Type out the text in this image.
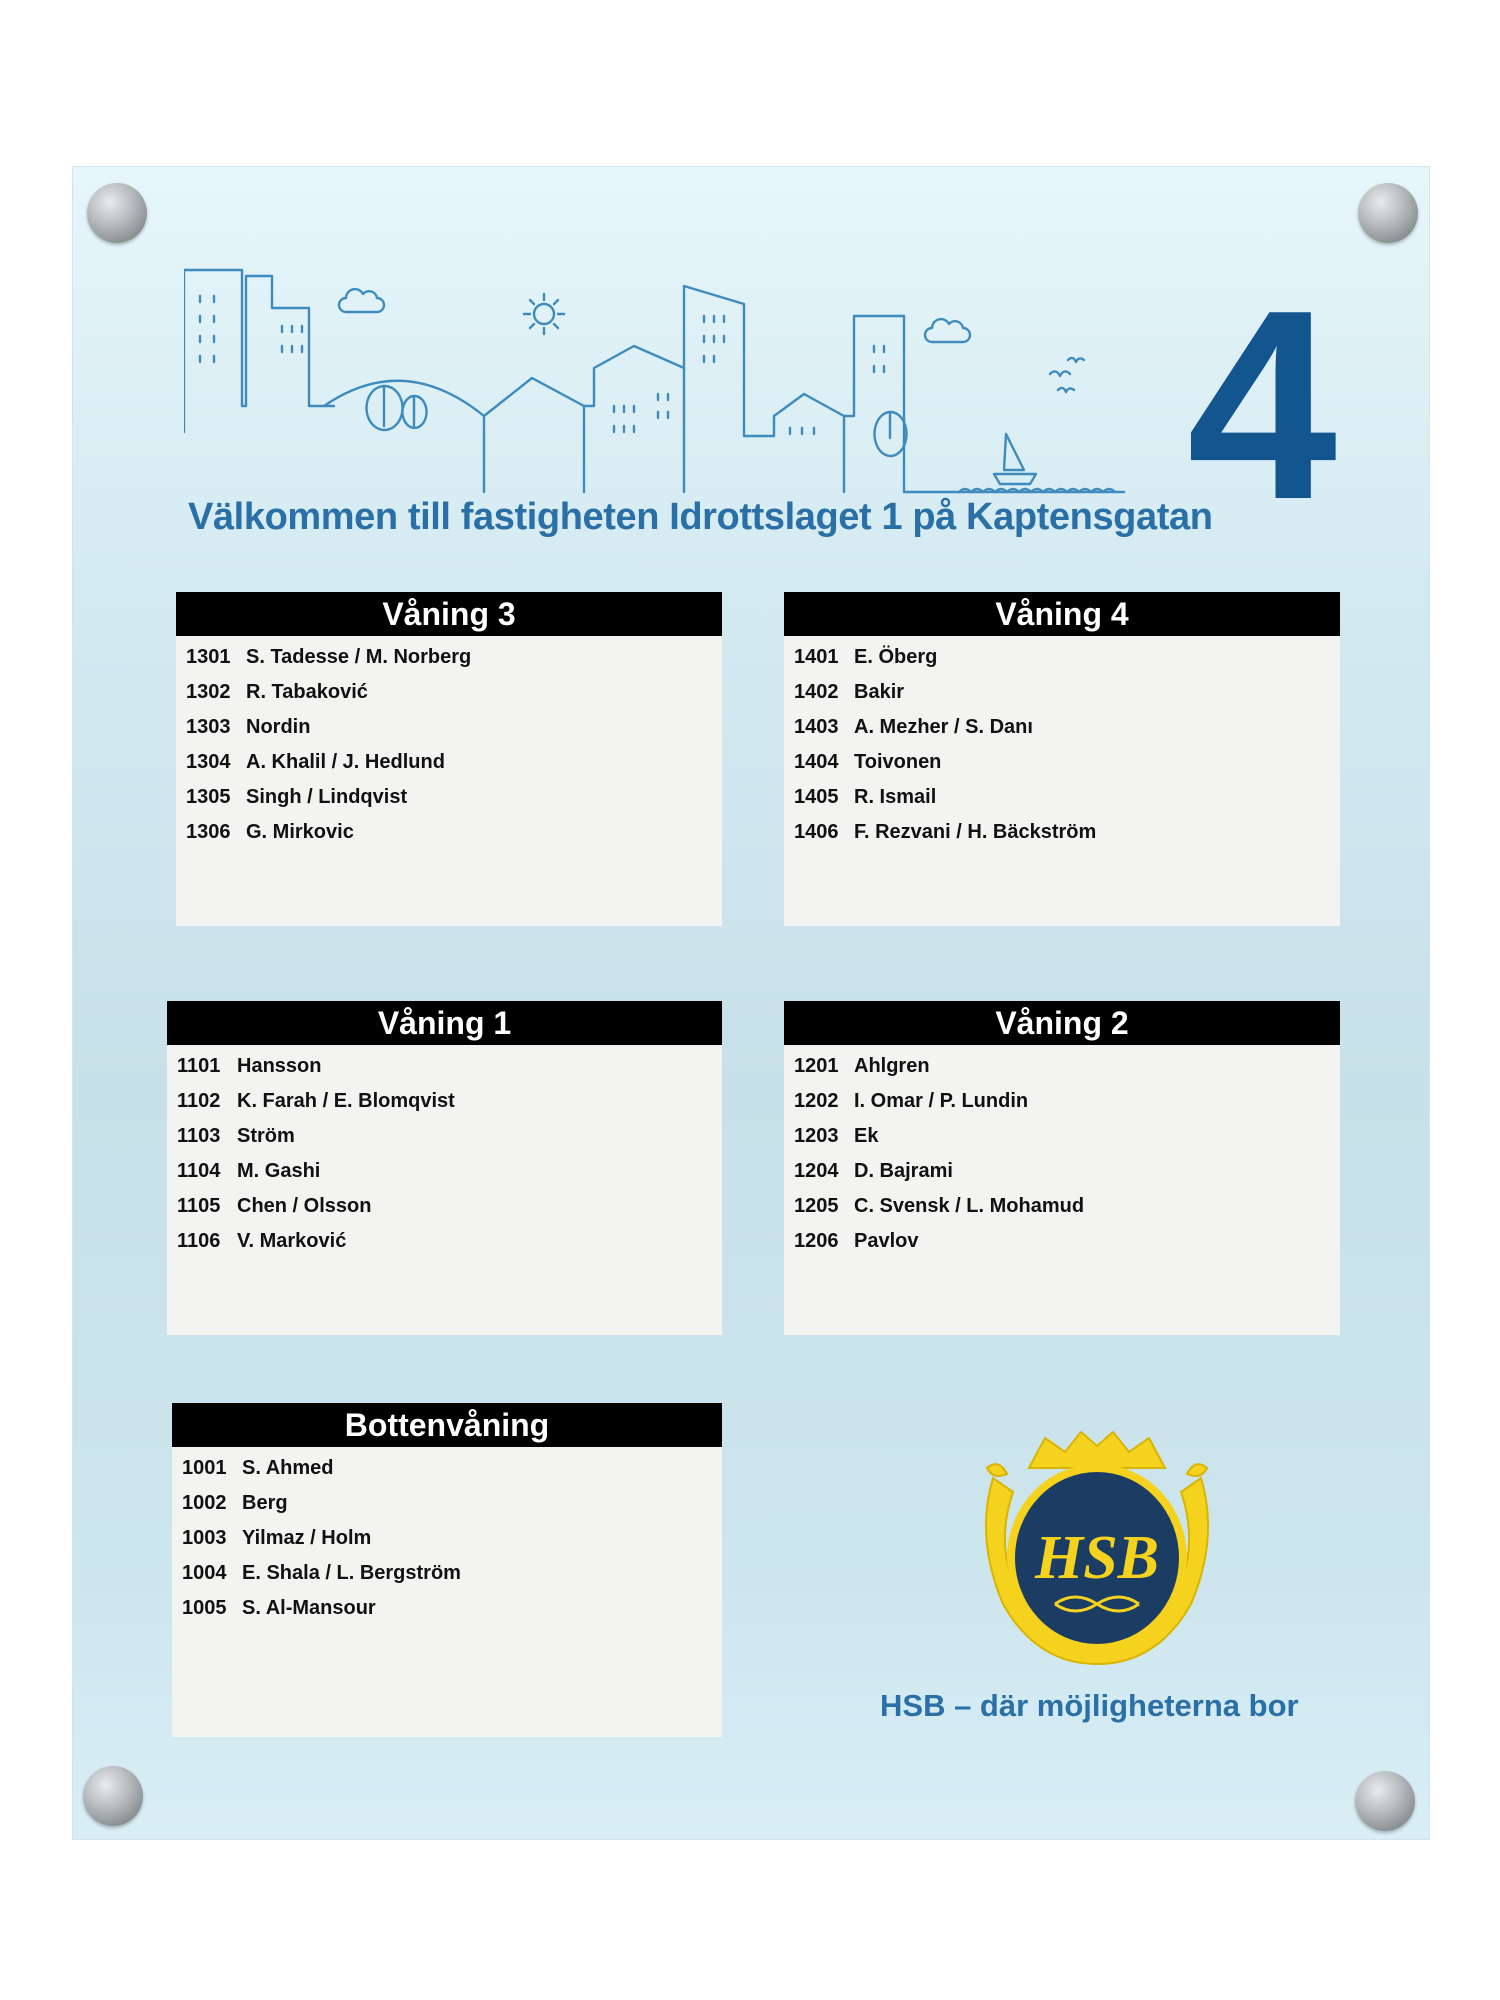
4
Välkommen till fastigheten Idrottslaget 1 på Kaptensgatan
Våning 3
1301 S. Tadesse / M. Norberg
1302 R. Tabaković
1303 Nordin
1304 A. Khalil / J. Hedlund
1305 Singh / Lindqvist
1306 G. Mirkovic
Våning 4
1401 E. Öberg
1402 Bakir
1403 A. Mezher / S. Danı
1404 Toivonen
1405 R. Ismail
1406 F. Rezvani / H. Bäckström
Våning 1
1101 Hansson
1102 K. Farah / E. Blomqvist
1103 Ström
1104 M. Gashi
1105 Chen / Olsson
1106 V. Marković
Våning 2
1201 Ahlgren
1202 I. Omar / P. Lundin
1203 Ek
1204 D. Bajrami
1205 C. Svensk / L. Mohamud
1206 Pavlov
Bottenvåning
1001 S. Ahmed
1002 Berg
1003 Yilmaz / Holm
1004 E. Shala / L. Bergström
1005 S. Al-Mansour
HSB
HSB – där möjligheterna bor
